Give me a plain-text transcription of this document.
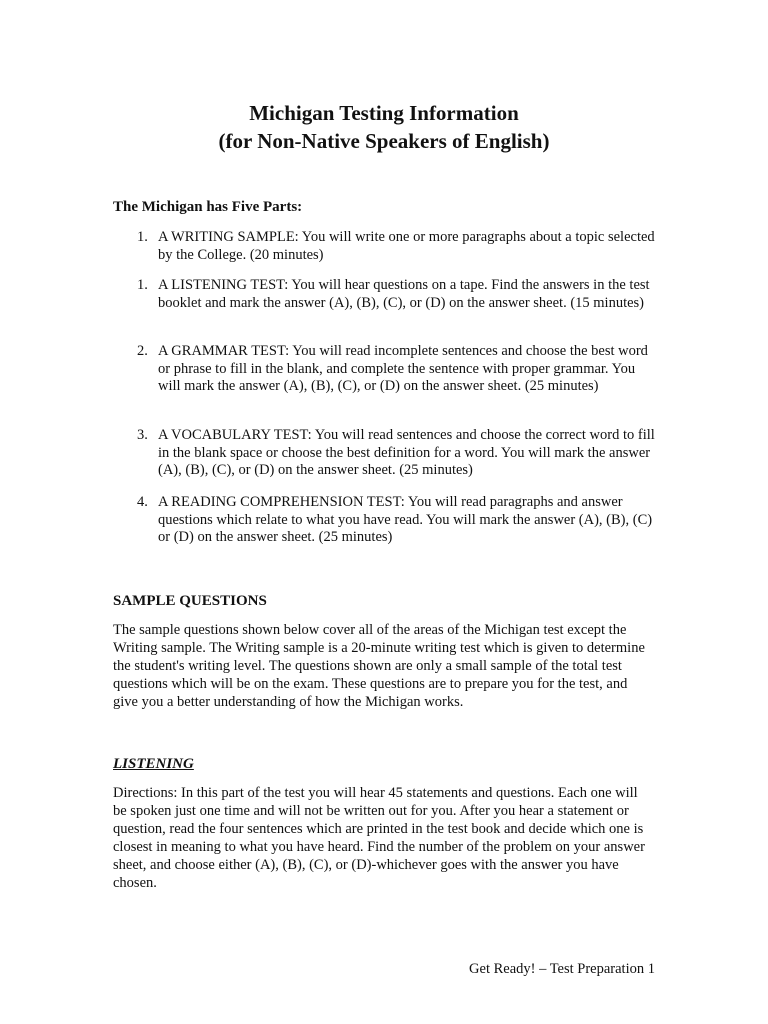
Michigan Testing Information
(for Non-Native Speakers of English)
The Michigan has Five Parts:
1. A WRITING SAMPLE: You will write one or more paragraphs about a topic selected by the College. (20 minutes)
1. A LISTENING TEST: You will hear questions on a tape. Find the answers in the test booklet and mark the answer (A), (B), (C), or (D) on the answer sheet. (15 minutes)
2. A GRAMMAR TEST: You will read incomplete sentences and choose the best word or phrase to fill in the blank, and complete the sentence with proper grammar. You will mark the answer (A), (B), (C), or (D) on the answer sheet. (25 minutes)
3. A VOCABULARY TEST: You will read sentences and choose the correct word to fill in the blank space or choose the best definition for a word. You will mark the answer (A), (B), (C), or (D) on the answer sheet. (25 minutes)
4. A READING COMPREHENSION TEST: You will read paragraphs and answer questions which relate to what you have read. You will mark the answer (A), (B), (C) or (D) on the answer sheet. (25 minutes)
SAMPLE QUESTIONS

The sample questions shown below cover all of the areas of the Michigan test except the Writing sample. The Writing sample is a 20-minute writing test which is given to determine the student's writing level. The questions shown are only a small sample of the total test questions which will be on the exam. These questions are to prepare you for the test, and give you a better understanding of how the Michigan works.

LISTENING

Directions: In this part of the test you will hear 45 statements and questions. Each one will be spoken just one time and will not be written out for you. After you hear a statement or question, read the four sentences which are printed in the test book and decide which one is closest in meaning to what you have heard. Find the number of the problem on your answer sheet, and choose either (A), (B), (C), or (D)-whichever goes with the answer you have chosen.

Get Ready! – Test Preparation 1
